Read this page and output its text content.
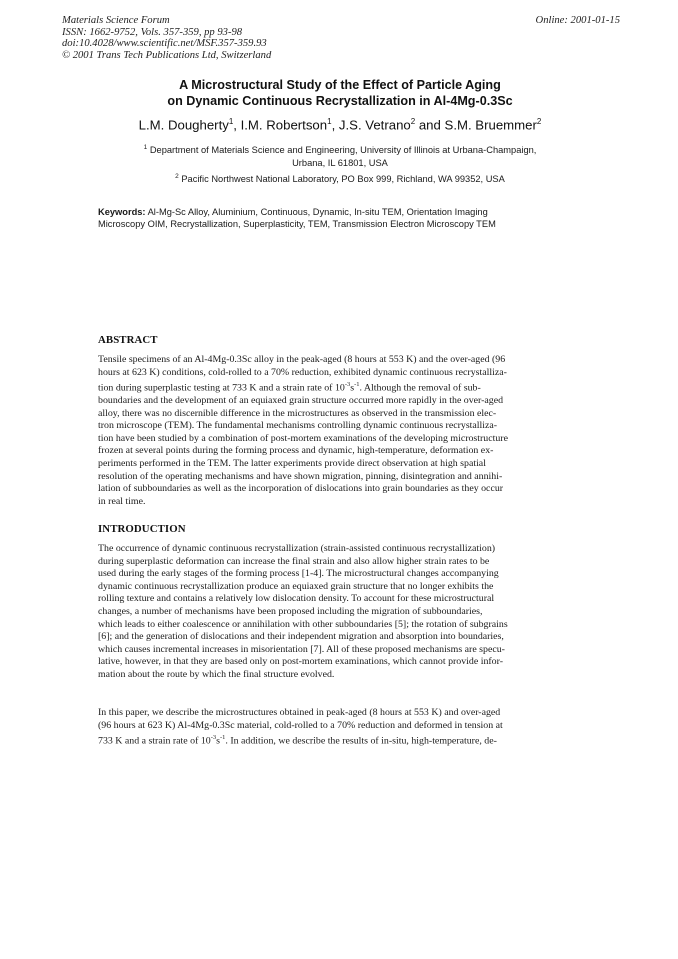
Materials Science Forum
ISSN: 1662-9752, Vols. 357-359, pp 93-98
doi:10.4028/www.scientific.net/MSF.357-359.93
© 2001 Trans Tech Publications Ltd, Switzerland
Online: 2001-01-15
A Microstructural Study of the Effect of Particle Aging
on Dynamic Continuous Recrystallization in Al-4Mg-0.3Sc
L.M. Dougherty$^1$, I.M. Robertson$^1$, J.S. Vetrano$^2$ and S.M. Bruemmer$^2$
$^1$ Department of Materials Science and Engineering, University of Illinois at Urbana-Champaign,
Urbana, IL 61801, USA
$^2$ Pacific Northwest National Laboratory, PO Box 999, Richland, WA 99352, USA
Keywords: Al-Mg-Sc Alloy, Aluminium, Continuous, Dynamic, In-situ TEM, Orientation Imaging
Microscopy OIM, Recrystallization, Superplasticity, TEM, Transmission Electron Microscopy TEM
ABSTRACT
Tensile specimens of an Al-4Mg-0.3Sc alloy in the peak-aged (8 hours at 553 K) and the over-aged (96
hours at 623 K) conditions, cold-rolled to a 70% reduction, exhibited dynamic continuous recrystalliza-
tion during superplastic testing at 733 K and a strain rate of $10^{-3}s^{-1}$. Although the removal of sub-
boundaries and the development of an equiaxed grain structure occurred more rapidly in the over-aged
alloy, there was no discernible difference in the microstructures as observed in the transmission elec-
tron microscope (TEM). The fundamental mechanisms controlling dynamic continuous recrystalliza-
tion have been studied by a combination of post-mortem examinations of the developing microstructure
frozen at several points during the forming process and dynamic, high-temperature, deformation ex-
periments performed in the TEM. The latter experiments provide direct observation at high spatial
resolution of the operating mechanisms and have shown migration, pinning, disintegration and annihi-
lation of subboundaries as well as the incorporation of dislocations into grain boundaries as they occur
in real time.
INTRODUCTION
The occurrence of dynamic continuous recrystallization (strain-assisted continuous recrystallization)
during superplastic deformation can increase the final strain and also allow higher strain rates to be
used during the early stages of the forming process [1-4]. The microstructural changes accompanying
dynamic continuous recrystallization produce an equiaxed grain structure that no longer exhibits the
rolling texture and contains a relatively low dislocation density. To account for these microstructural
changes, a number of mechanisms have been proposed including the migration of subboundaries,
which leads to either coalescence or annihilation with other subboundaries [5]; the rotation of subgrains
[6]; and the generation of dislocations and their independent migration and absorption into boundaries,
which causes incremental increases in misorientation [7]. All of these proposed mechanisms are specu-
lative, however, in that they are based only on post-mortem examinations, which cannot provide infor-
mation about the route by which the final structure evolved.
In this paper, we describe the microstructures obtained in peak-aged (8 hours at 553 K) and over-aged
(96 hours at 623 K) Al-4Mg-0.3Sc material, cold-rolled to a 70% reduction and deformed in tension at
733 K and a strain rate of $10^{-3}s^{-1}$. In addition, we describe the results of in-situ, high-temperature, de-
